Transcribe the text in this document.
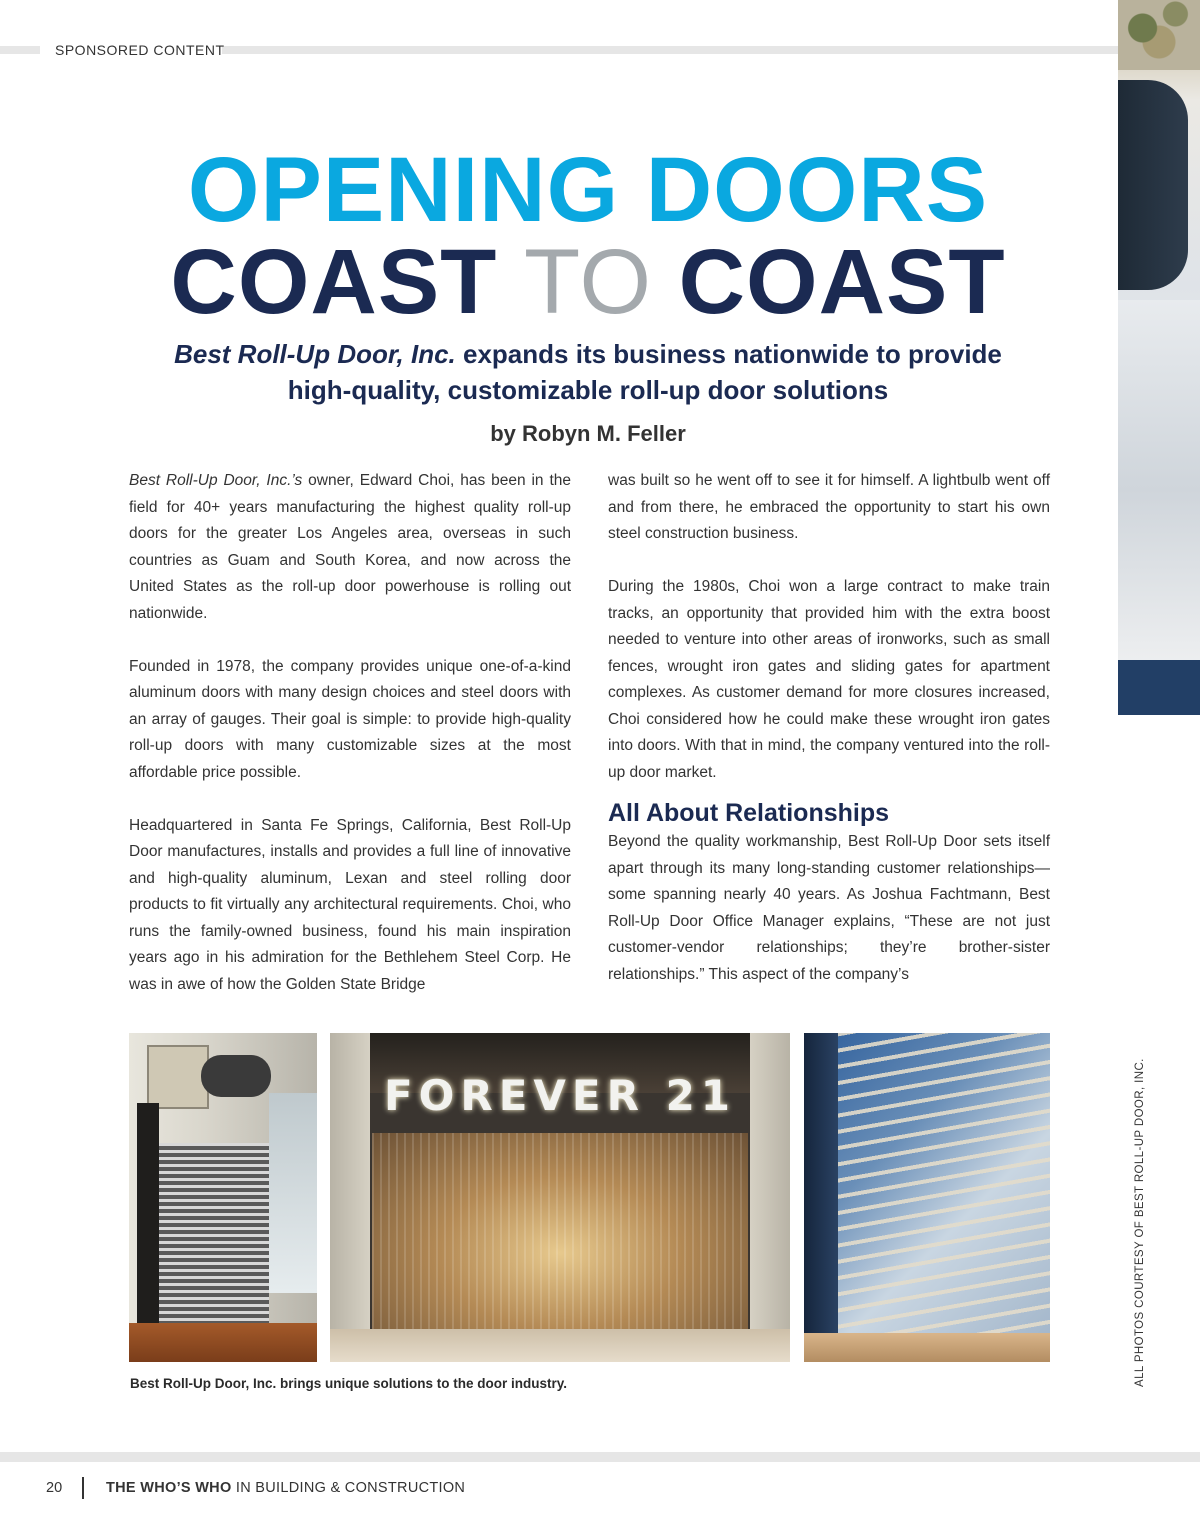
SPONSORED CONTENT
OPENING DOORS
COAST TO COAST
Best Roll-Up Door, Inc. expands its business nationwide to provide
high-quality, customizable roll-up door solutions
by Robyn M. Feller

Best Roll-Up Door, Inc.’s owner, Edward Choi, has been in the field for 40+ years manufacturing the highest quality roll-up doors for the greater Los Angeles area, overseas in such countries as Guam and South Korea, and now across the United States as the roll-up door powerhouse is rolling out nationwide.

Founded in 1978, the company provides unique one-of-a-kind aluminum doors with many design choices and steel doors with an array of gauges. Their goal is simple: to provide high-quality roll-up doors with many customizable sizes at the most affordable price possible.

Headquartered in Santa Fe Springs, California, Best Roll-Up Door manufactures, installs and provides a full line of innovative and high-quality aluminum, Lexan and steel rolling door products to fit virtually any architectural requirements. Choi, who runs the family-owned business, found his main inspiration years ago in his admiration for the Bethlehem Steel Corp. He was in awe of how the Golden State Bridge

was built so he went off to see it for himself. A lightbulb went off and from there, he embraced the opportunity to start his own steel construction business.

During the 1980s, Choi won a large contract to make train tracks, an opportunity that provided him with the extra boost needed to venture into other areas of ironworks, such as small fences, wrought iron gates and sliding gates for apartment complexes. As customer demand for more closures increased, Choi considered how he could make these wrought iron gates into doors. With that in mind, the company ventured into the roll-up door market.

All About Relationships

Beyond the quality workmanship, Best Roll-Up Door sets itself apart through its many long-standing customer relationships—some spanning nearly 40 years. As Joshua Fachtmann, Best Roll-Up Door Office Manager explains, “These are not just customer-vendor relationships; they’re brother-sister relationships.” This aspect of the company’s

FOREVER 21
Best Roll-Up Door, Inc. brings unique solutions to the door industry.	ALL PHOTOS COURTESY OF BEST ROLL-UP DOOR, INC.
20	THE WHO’S WHO IN BUILDING & CONSTRUCTION
